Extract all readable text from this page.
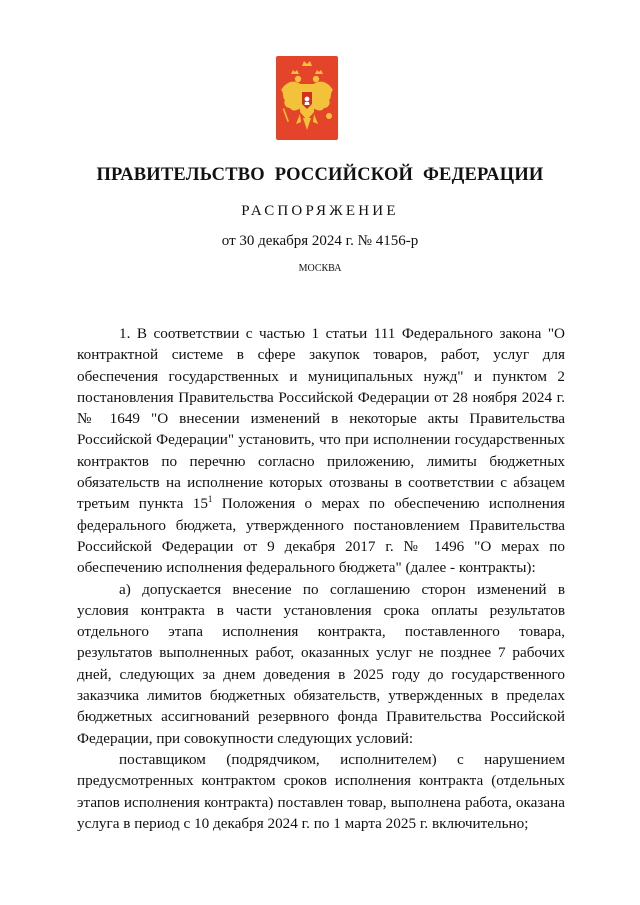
ПРАВИТЕЛЬСТВО РОССИЙСКОЙ ФЕДЕРАЦИИ
РАСПОРЯЖЕНИЕ
от 30 декабря 2024 г. № 4156-р
МОСКВА

1. В соответствии с частью 1 статьи 111 Федерального закона "О контрактной системе в сфере закупок товаров, работ, услуг для обеспечения государственных и муниципальных нужд" и пунктом 2 постановления Правительства Российской Федерации от 28 ноября 2024 г. № 1649 "О внесении изменений в некоторые акты Правительства Российской Федерации" установить, что при исполнении государственных контрактов по перечню согласно приложению, лимиты бюджетных обязательств на исполнение которых отозваны в соответствии с абзацем третьим пункта $15^1$ Положения о мерах по обеспечению исполнения федерального бюджета, утвержденного постановлением Правительства Российской Федерации от 9 декабря 2017 г. № 1496 "О мерах по обеспечению исполнения федерального бюджета" (далее - контракты):

а) допускается внесение по соглашению сторон изменений в условия контракта в части установления срока оплаты результатов отдельного этапа исполнения контракта, поставленного товара, результатов выполненных работ, оказанных услуг не позднее 7 рабочих дней, следующих за днем доведения в 2025 году до государственного заказчика лимитов бюджетных обязательств, утвержденных в пределах бюджетных ассигнований резервного фонда Правительства Российской Федерации, при совокупности следующих условий:

поставщиком (подрядчиком, исполнителем) с нарушением предусмотренных контрактом сроков исполнения контракта (отдельных этапов исполнения контракта) поставлен товар, выполнена работа, оказана услуга в период с 10 декабря 2024 г. по 1 марта 2025 г. включительно;
